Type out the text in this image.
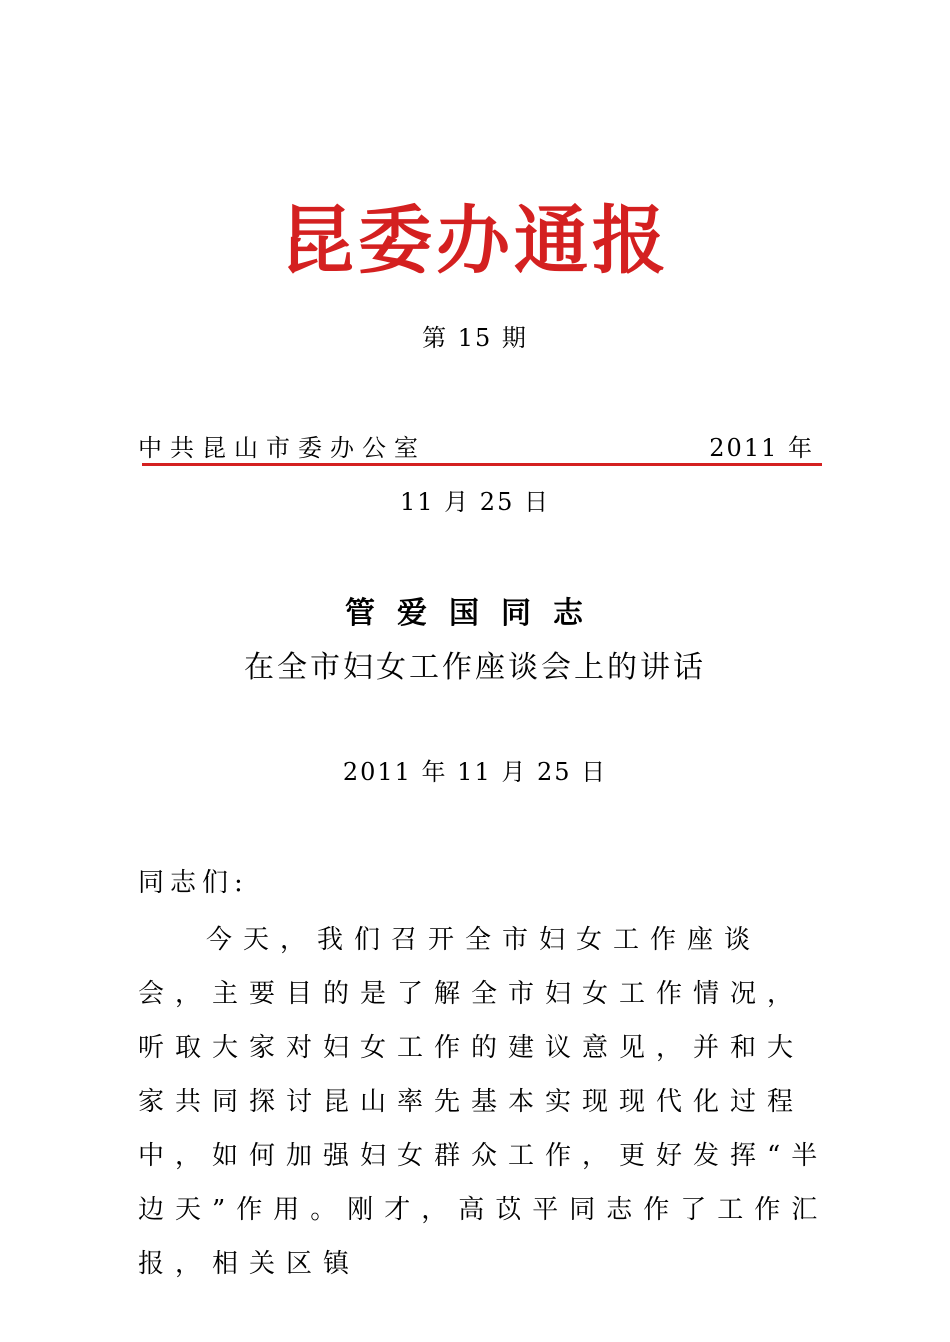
昆委办通报
第 15 期
中共昆山市委办公室	2011 年
11 月 25 日
管爱国同志
在全市妇女工作座谈会上的讲话
2011 年 11 月 25 日
同志们:
今天，我们召开全市妇女工作座谈会，主要目的是了解全市妇女工作情况，听取大家对妇女工作的建议意见，并和大家共同探讨昆山率先基本实现现代化过程中，如何加强妇女群众工作，更好发挥“半边天”作用。刚才，高苡平同志作了工作汇报，相关区镇
